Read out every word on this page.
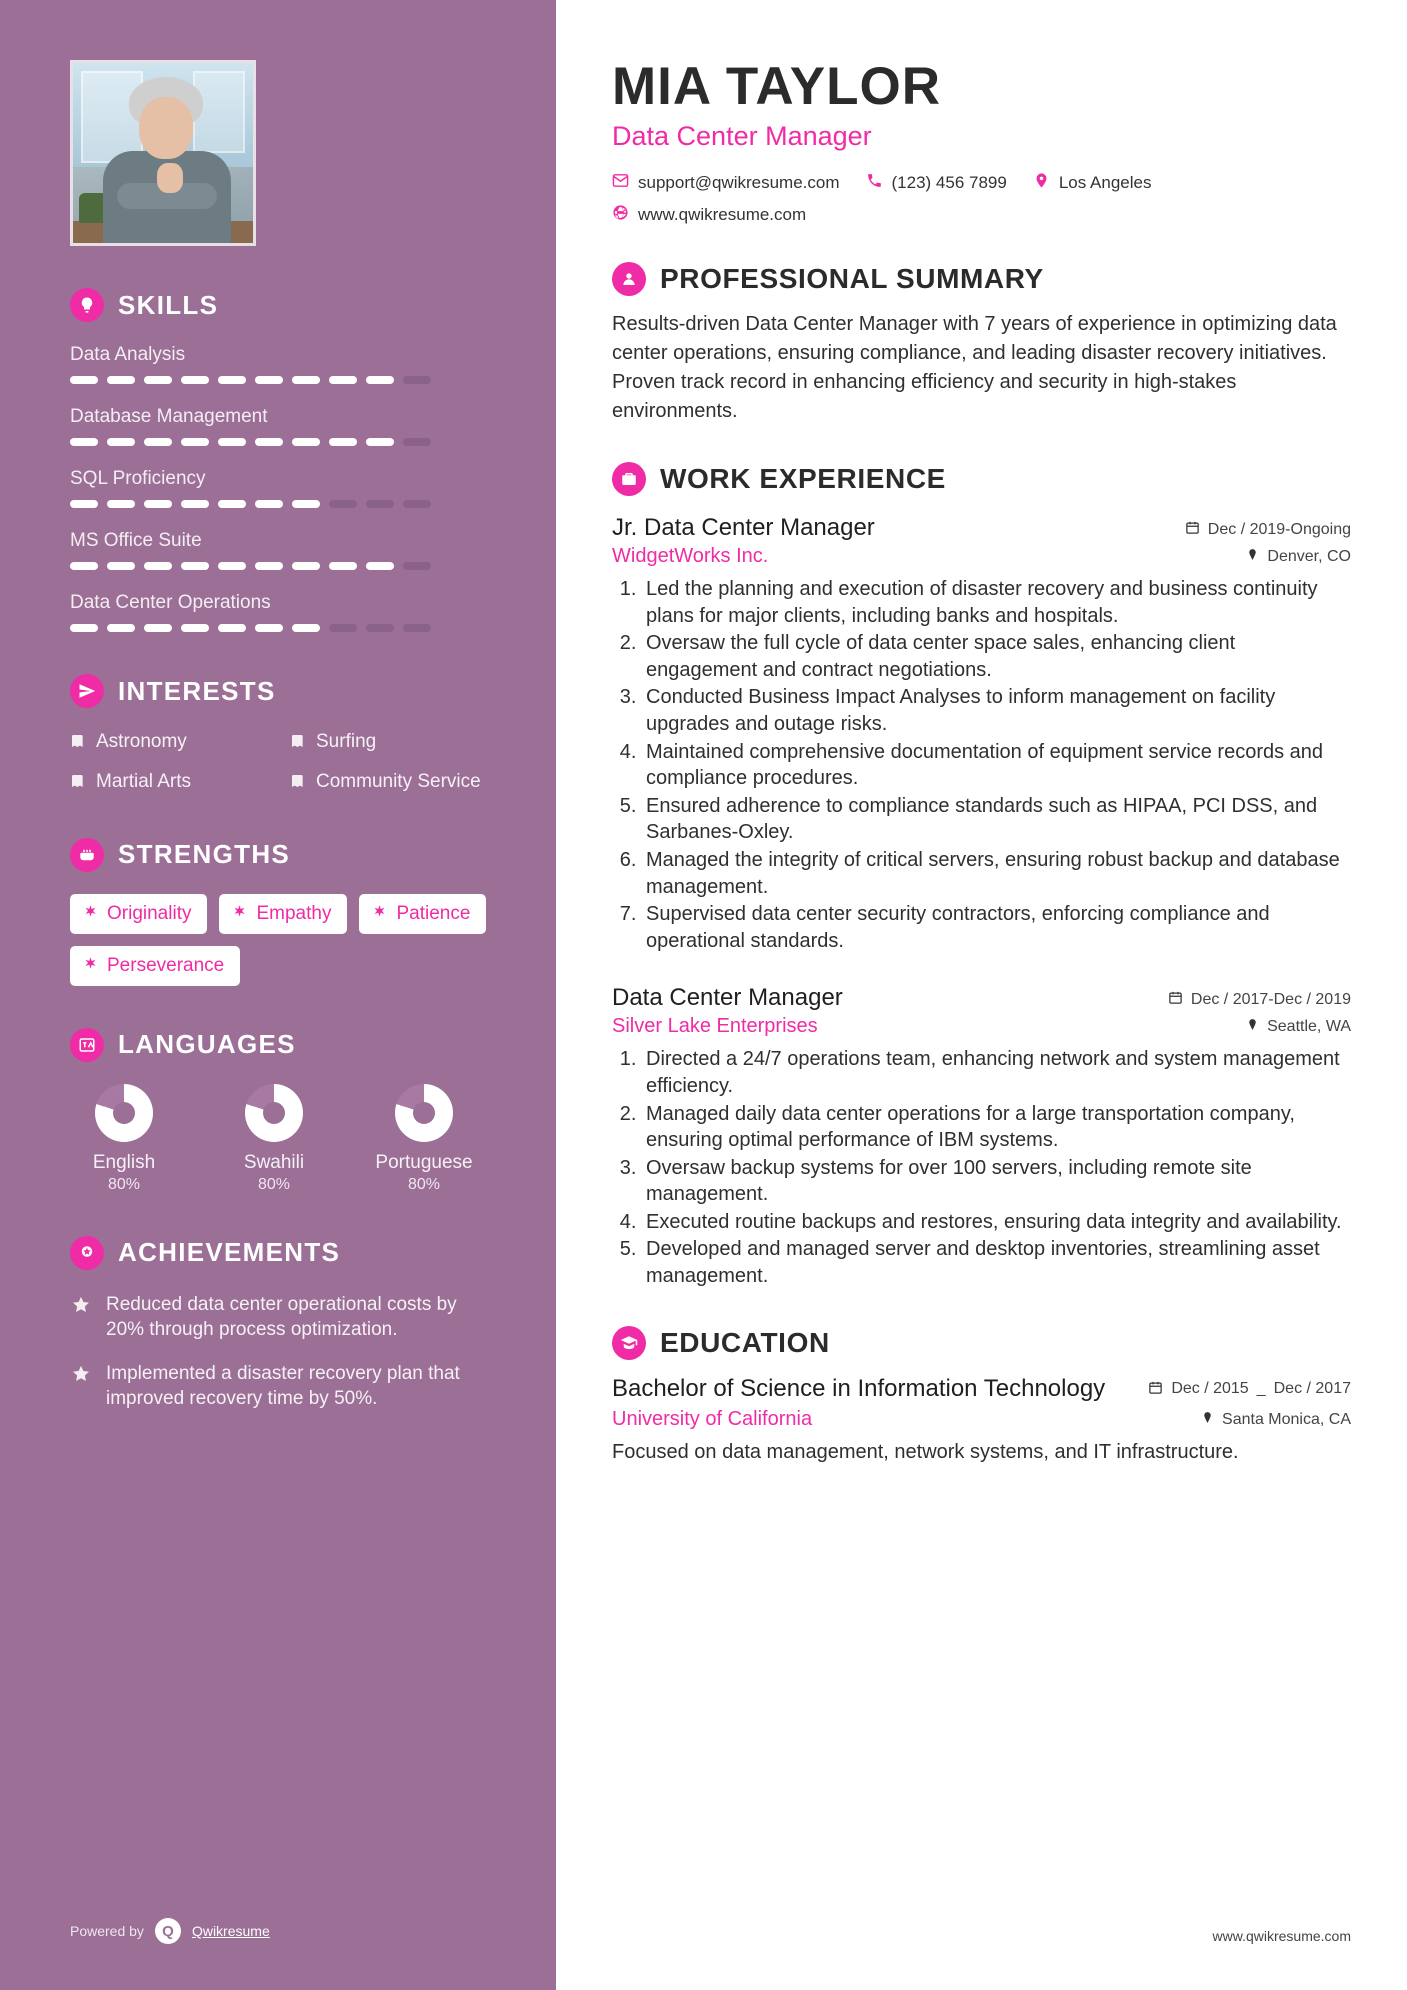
SKILLS
Data Analysis
Database Management
SQL Proficiency
MS Office Suite
Data Center Operations
INTERESTS
Astronomy	Surfing
Martial Arts	Community Service
STRENGTHS
Originality	Empathy	Patience
Perseverance
LANGUAGES
English
80%
Swahili
80%
Portuguese
80%
ACHIEVEMENTS
Reduced data center operational costs by 20% through process optimization.
Implemented a disaster recovery plan that improved recovery time by 50%.
Powered by	Q	Qwikresume
MIA TAYLOR
Data Center Manager
support@qwikresume.com	(123) 456 7899	Los Angeles
www.qwikresume.com
PROFESSIONAL SUMMARY

Results-driven Data Center Manager with 7 years of experience in optimizing data center operations, ensuring compliance, and leading disaster recovery initiatives. Proven track record in enhancing efficiency and security in high-stakes environments.

WORK EXPERIENCE
Jr. Data Center Manager	Dec / 2019-Ongoing
WidgetWorks Inc.	Denver, CO
1. Led the planning and execution of disaster recovery and business continuity plans for major clients, including banks and hospitals.
2. Oversaw the full cycle of data center space sales, enhancing client engagement and contract negotiations.
3. Conducted Business Impact Analyses to inform management on facility upgrades and outage risks.
4. Maintained comprehensive documentation of equipment service records and compliance procedures.
5. Ensured adherence to compliance standards such as HIPAA, PCI DSS, and Sarbanes-Oxley.
6. Managed the integrity of critical servers, ensuring robust backup and database management.
7. Supervised data center security contractors, enforcing compliance and operational standards.
Data Center Manager	Dec / 2017-Dec / 2019
Silver Lake Enterprises	Seattle, WA
1. Directed a 24/7 operations team, enhancing network and system management efficiency.
2. Managed daily data center operations for a large transportation company, ensuring optimal performance of IBM systems.
3. Oversaw backup systems for over 100 servers, including remote site management.
4. Executed routine backups and restores, ensuring data integrity and availability.
5. Developed and managed server and desktop inventories, streamlining asset management.
EDUCATION
Bachelor of Science in Information Technology	Dec / 2015 _ Dec / 2017
University of California	Santa Monica, CA

Focused on data management, network systems, and IT infrastructure.

www.qwikresume.com
